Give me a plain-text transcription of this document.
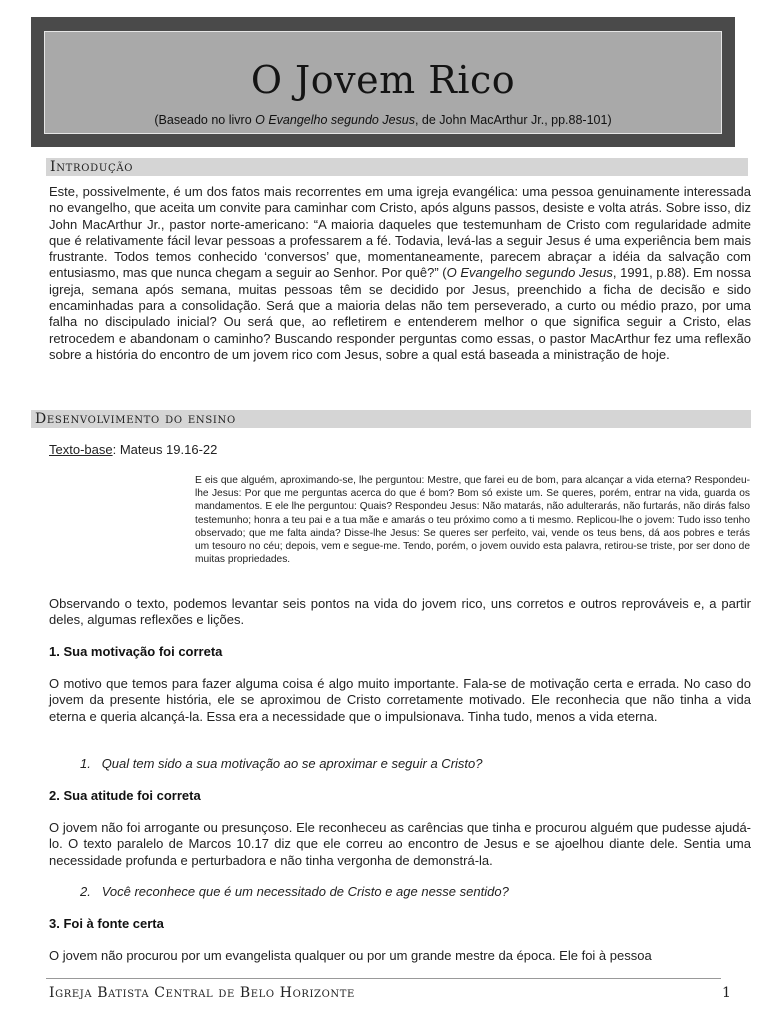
O Jovem Rico
(Baseado no livro O Evangelho segundo Jesus, de John MacArthur Jr., pp.88-101)
Introdução

Este, possivelmente, é um dos fatos mais recorrentes em uma igreja evangélica: uma pessoa genuinamente interessada no evangelho, que aceita um convite para caminhar com Cristo, após alguns passos, desiste e volta atrás. Sobre isso, diz John MacArthur Jr., pastor norte-americano: “A maioria daqueles que testemunham de Cristo com regularidade admite que é relativamente fácil levar pessoas a professarem a fé. Todavia, levá-las a seguir Jesus é uma experiência bem mais frustrante. Todos temos conhecido ‘conversos’ que, momentaneamente, parecem abraçar a idéia da salvação com entusiasmo, mas que nunca chegam a seguir ao Senhor. Por quê?” (O Evangelho segundo Jesus, 1991, p.88). Em nossa igreja, semana após semana, muitas pessoas têm se decidido por Jesus, preenchido a ficha de decisão e sido encaminhadas para a consolidação. Será que a maioria delas não tem perseverado, a curto ou médio prazo, por uma falha no discipulado inicial? Ou será que, ao refletirem e entenderem melhor o que significa seguir a Cristo, elas retrocedem e abandonam o caminho? Buscando responder perguntas como essas, o pastor MacArthur fez uma reflexão sobre a história do encontro de um jovem rico com Jesus, sobre a qual está baseada a ministração de hoje.

Desenvolvimento do ensino
Texto-base: Mateus 19.16-22

E eis que alguém, aproximando-se, lhe perguntou: Mestre, que farei eu de bom, para alcançar a vida eterna? Respondeu-lhe Jesus: Por que me perguntas acerca do que é bom? Bom só existe um. Se queres, porém, entrar na vida, guarda os mandamentos. E ele lhe perguntou: Quais? Respondeu Jesus: Não matarás, não adulterarás, não furtarás, não dirás falso testemunho; honra a teu pai e a tua mãe e amarás o teu próximo como a ti mesmo. Replicou-lhe o jovem: Tudo isso tenho observado; que me falta ainda? Disse-lhe Jesus: Se queres ser perfeito, vai, vende os teus bens, dá aos pobres e terás um tesouro no céu; depois, vem e segue-me. Tendo, porém, o jovem ouvido esta palavra, retirou-se triste, por ser dono de muitas propriedades.

Observando o texto, podemos levantar seis pontos na vida do jovem rico, uns corretos e outros reprováveis e, a partir deles, algumas reflexões e lições.

1. Sua motivação foi correta

O motivo que temos para fazer alguma coisa é algo muito importante. Fala-se de motivação certa e errada. No caso do jovem da presente história, ele se aproximou de Cristo corretamente motivado. Ele reconhecia que não tinha a vida eterna e queria alcançá-la. Essa era a necessidade que o impulsionava. Tinha tudo, menos a vida eterna.

1. Qual tem sido a sua motivação ao se aproximar e seguir a Cristo?
2. Sua atitude foi correta

O jovem não foi arrogante ou presunçoso. Ele reconheceu as carências que tinha e procurou alguém que pudesse ajudá-lo. O texto paralelo de Marcos 10.17 diz que ele correu ao encontro de Jesus e se ajoelhou diante dele. Sentia uma necessidade profunda e perturbadora e não tinha vergonha de demonstrá-la.

2. Você reconhece que é um necessitado de Cristo e age nesse sentido?
3. Foi à fonte certa

O jovem não procurou por um evangelista qualquer ou por um grande mestre da época. Ele foi à pessoa

Igreja Batista Central de Belo Horizonte	1
